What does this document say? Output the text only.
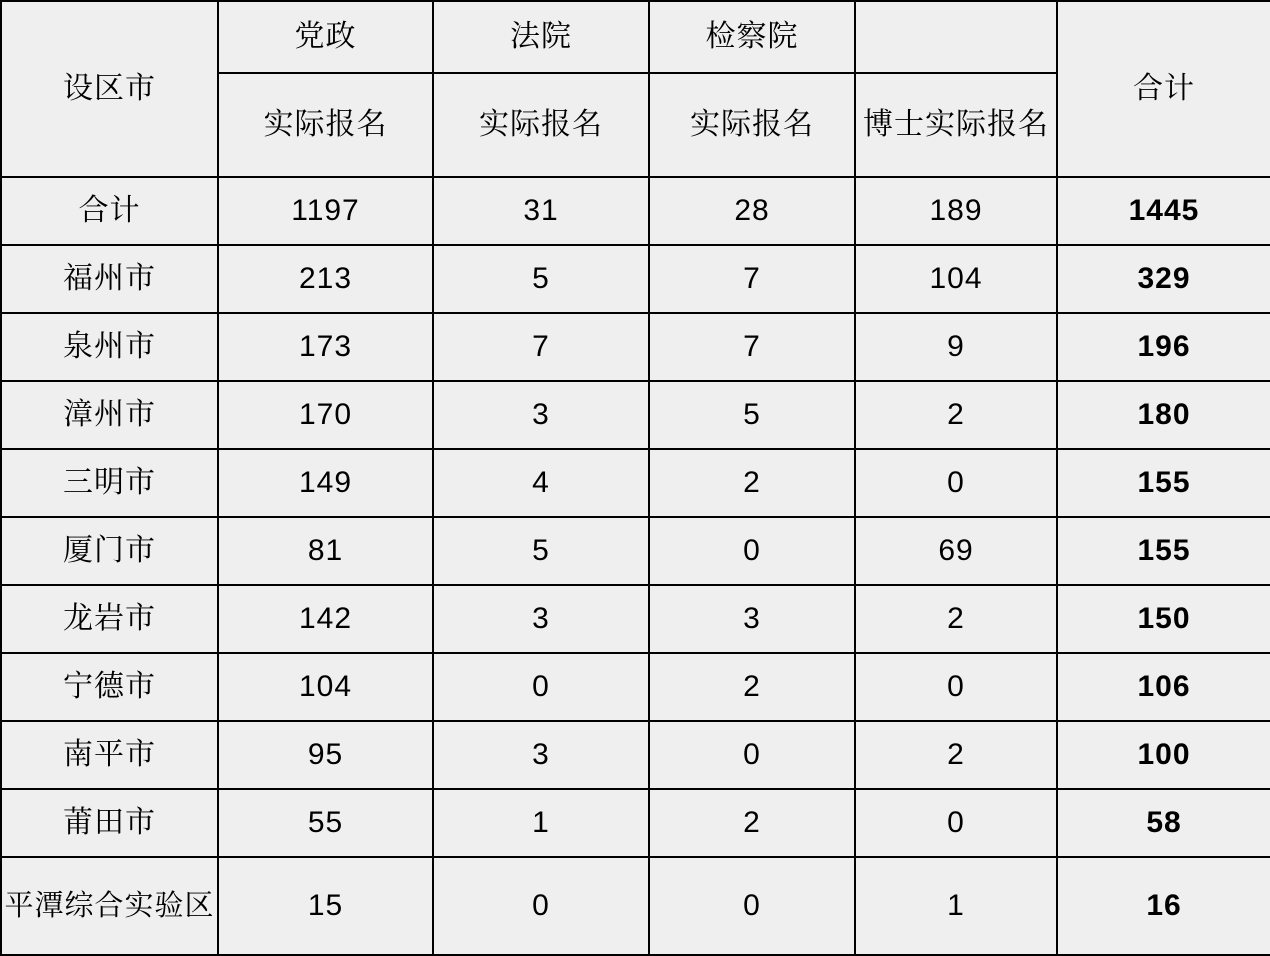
设区市	党政	法院	检察院		合计
	实际报名	实际报名	实际报名	博士实际报名	
合计	1197	31	28	189	1445
福州市	213	5	7	104	329
泉州市	173	7	7	9	196
漳州市	170	3	5	2	180
三明市	149	4	2	0	155
厦门市	81	5	0	69	155
龙岩市	142	3	3	2	150
宁德市	104	0	2	0	106
南平市	95	3	0	2	100
莆田市	55	1	2	0	58
平潭综合实验区	15	0	0	1	16
